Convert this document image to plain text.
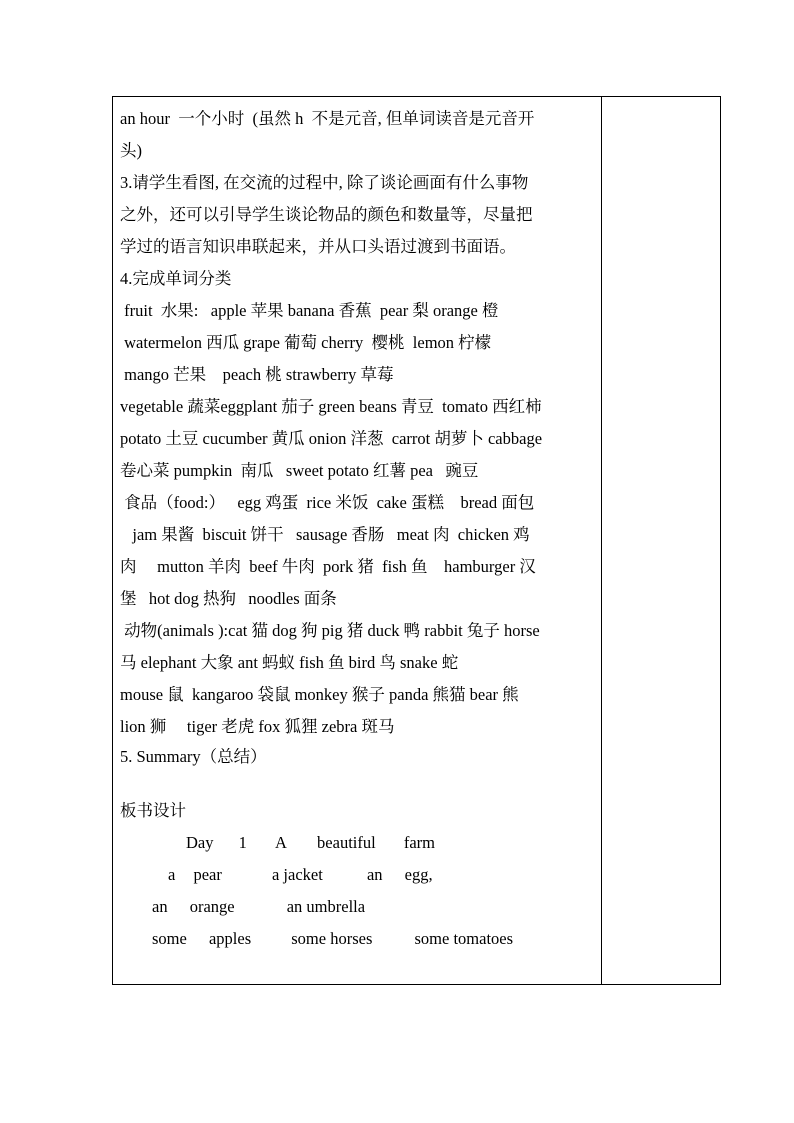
an hour  一个小时  (虽然 h  不是元音, 但单词读音是元音开
头)
3.请学生看图, 在交流的过程中, 除了谈论画面有什么事物
之外，还可以引导学生谈论物品的颜色和数量等，尽量把
学过的语言知识串联起来，并从口头语过渡到书面语。
4.完成单词分类
fruit  水果:   apple 苹果 banana 香蕉  pear 梨 orange 橙
watermelon 西瓜 grape 葡萄 cherry  樱桃  lemon 柠檬
mango 芒果    peach 桃 strawberry 草莓
vegetable 蔬菜eggplant 茄子 green beans 青豆  tomato 西红柿
potato 土豆 cucumber 黄瓜 onion 洋葱  carrot 胡萝卜 cabbage
卷心菜 pumpkin  南瓜   sweet potato 红薯 pea   豌豆
食品（food:）   egg 鸡蛋  rice 米饭  cake 蛋糕    bread 面包
jam 果酱  biscuit 饼干   sausage 香肠   meat 肉  chicken 鸡
肉     mutton 羊肉  beef 牛肉  pork 猪  fish 鱼    hamburger 汉
堡   hot dog 热狗   noodles 面条
动物(animals ):cat 猫 dog 狗 pig 猪 duck 鸭 rabbit 兔子 horse
马 elephant 大象 ant 蚂蚁 fish 鱼 bird 鸟 snake 蛇
mouse 鼠  kangaroo 袋鼠 monkey 猴子 panda 熊猫 bear 熊
lion 狮     tiger 老虎 fox 狐狸 zebra 斑马
5. Summary（总结）
板书设计
Day 1 A beautiful farm
a pear	a jacket	an egg,
an orange	an umbrella
some apples some horses	some tomatoes
